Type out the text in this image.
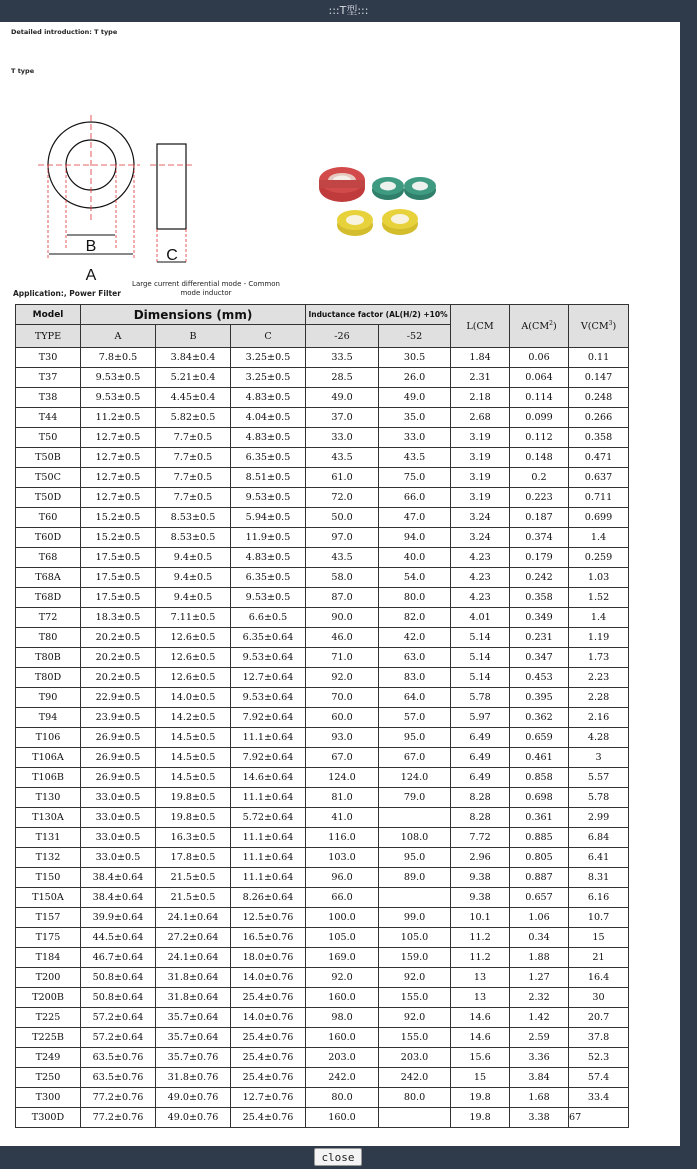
:::T型:::
Detailed introduction: T type
T type
B
A
C
Application:, Power Filter
Large current differential mode - Common mode inductor
Model	Dimensions (mm)			Inductance factor (AL(H/2) +10%		L(CM	$A(CM^2)$	$V(CM^3)$
TYPE	A	B	C	-26	-52			
T30	7.8±0.5	3.84±0.4	3.25±0.5	33.5	30.5	1.84	0.06	0.11
T37	9.53±0.5	5.21±0.4	3.25±0.5	28.5	26.0	2.31	0.064	0.147
T38	9.53±0.5	4.45±0.4	4.83±0.5	49.0	49.0	2.18	0.114	0.248
T44	11.2±0.5	5.82±0.5	4.04±0.5	37.0	35.0	2.68	0.099	0.266
T50	12.7±0.5	7.7±0.5	4.83±0.5	33.0	33.0	3.19	0.112	0.358
T50B	12.7±0.5	7.7±0.5	6.35±0.5	43.5	43.5	3.19	0.148	0.471
T50C	12.7±0.5	7.7±0.5	8.51±0.5	61.0	75.0	3.19	0.2	0.637
T50D	12.7±0.5	7.7±0.5	9.53±0.5	72.0	66.0	3.19	0.223	0.711
T60	15.2±0.5	8.53±0.5	5.94±0.5	50.0	47.0	3.24	0.187	0.699
T60D	15.2±0.5	8.53±0.5	11.9±0.5	97.0	94.0	3.24	0.374	1.4
T68	17.5±0.5	9.4±0.5	4.83±0.5	43.5	40.0	4.23	0.179	0.259
T68A	17.5±0.5	9.4±0.5	6.35±0.5	58.0	54.0	4.23	0.242	1.03
T68D	17.5±0.5	9.4±0.5	9.53±0.5	87.0	80.0	4.23	0.358	1.52
T72	18.3±0.5	7.11±0.5	6.6±0.5	90.0	82.0	4.01	0.349	1.4
T80	20.2±0.5	12.6±0.5	6.35±0.64	46.0	42.0	5.14	0.231	1.19
T80B	20.2±0.5	12.6±0.5	9.53±0.64	71.0	63.0	5.14	0.347	1.73
T80D	20.2±0.5	12.6±0.5	12.7±0.64	92.0	83.0	5.14	0.453	2.23
T90	22.9±0.5	14.0±0.5	9.53±0.64	70.0	64.0	5.78	0.395	2.28
T94	23.9±0.5	14.2±0.5	7.92±0.64	60.0	57.0	5.97	0.362	2.16
T106	26.9±0.5	14.5±0.5	11.1±0.64	93.0	95.0	6.49	0.659	4.28
T106A	26.9±0.5	14.5±0.5	7.92±0.64	67.0	67.0	6.49	0.461	3
T106B	26.9±0.5	14.5±0.5	14.6±0.64	124.0	124.0	6.49	0.858	5.57
T130	33.0±0.5	19.8±0.5	11.1±0.64	81.0	79.0	8.28	0.698	5.78
T130A	33.0±0.5	19.8±0.5	5.72±0.64	41.0		8.28	0.361	2.99
T131	33.0±0.5	16.3±0.5	11.1±0.64	116.0	108.0	7.72	0.885	6.84
T132	33.0±0.5	17.8±0.5	11.1±0.64	103.0	95.0	2.96	0.805	6.41
T150	38.4±0.64	21.5±0.5	11.1±0.64	96.0	89.0	9.38	0.887	8.31
T150A	38.4±0.64	21.5±0.5	8.26±0.64	66.0		9.38	0.657	6.16
T157	39.9±0.64	24.1±0.64	12.5±0.76	100.0	99.0	10.1	1.06	10.7
T175	44.5±0.64	27.2±0.64	16.5±0.76	105.0	105.0	11.2	0.34	15
T184	46.7±0.64	24.1±0.64	18.0±0.76	169.0	159.0	11.2	1.88	21
T200	50.8±0.64	31.8±0.64	14.0±0.76	92.0	92.0	13	1.27	16.4
T200B	50.8±0.64	31.8±0.64	25.4±0.76	160.0	155.0	13	2.32	30
T225	57.2±0.64	35.7±0.64	14.0±0.76	98.0	92.0	14.6	1.42	20.7
T225B	57.2±0.64	35.7±0.64	25.4±0.76	160.0	155.0	14.6	2.59	37.8
T249	63.5±0.76	35.7±0.76	25.4±0.76	203.0	203.0	15.6	3.36	52.3
T250	63.5±0.76	31.8±0.76	25.4±0.76	242.0	242.0	15	3.84	57.4
T300	77.2±0.76	49.0±0.76	12.7±0.76	80.0	80.0	19.8	1.68	33.4
T300D	77.2±0.76	49.0±0.76	25.4±0.76	160.0		19.8	3.38	67
close
